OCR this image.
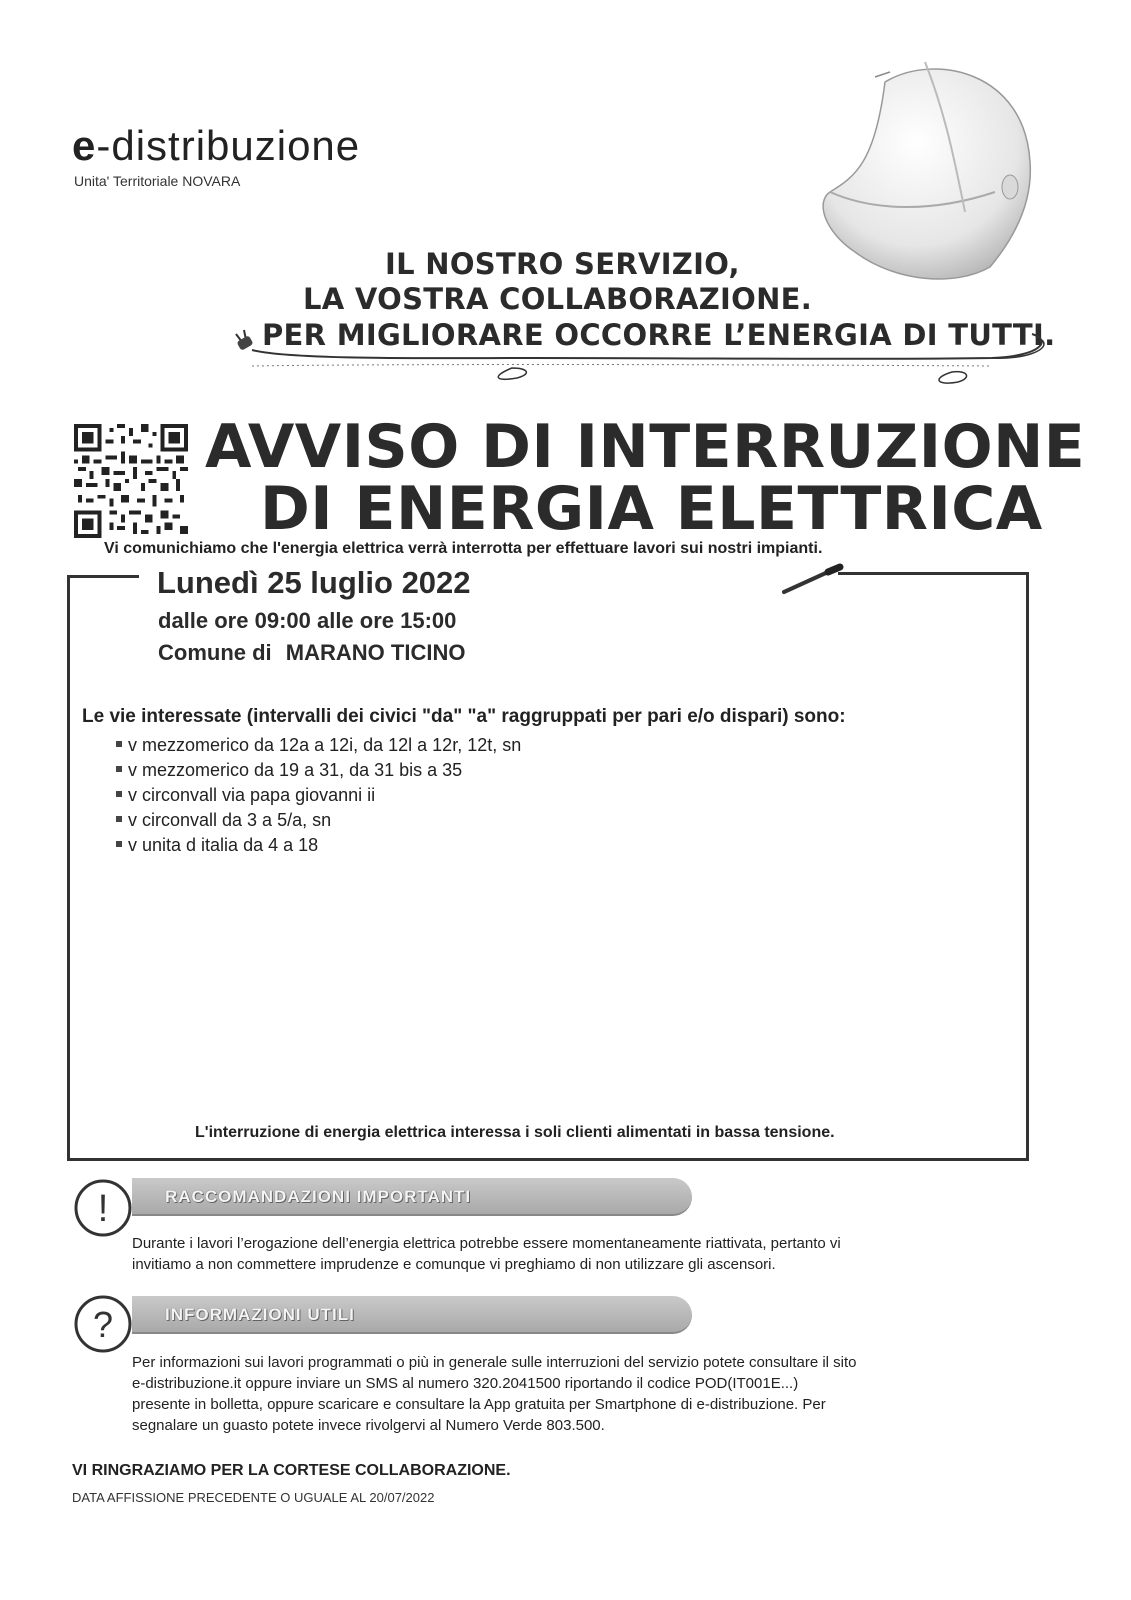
e-distribuzione
Unita' Territoriale NOVARA
IL NOSTRO SERVIZIO,
LA VOSTRA COLLABORAZIONE.
PER MIGLIORARE OCCORRE L’ENERGIA DI TUTTI.
AVVISO DI INTERRUZIONE
DI ENERGIA ELETTRICA
Vi comunichiamo che l'energia elettrica verrà interrotta per effettuare lavori sui nostri impianti.
Lunedì 25 luglio 2022
dalle ore 09:00 alle ore 15:00
Comune di MARANO TICINO
Le vie interessate (intervalli dei civici "da" "a" raggruppati per pari e/o dispari) sono:
v mezzomerico da 12a a 12i, da 12l a 12r, 12t, sn
v mezzomerico da 19 a 31, da 31 bis a 35
v circonvall via papa giovanni ii
v circonvall da 3 a 5/a, sn
v unita d italia da 4 a 18
L'interruzione di energia elettrica interessa i soli clienti alimentati in bassa tensione.
!	RACCOMANDAZIONI IMPORTANTI
Durante i lavori l’erogazione dell’energia elettrica potrebbe essere momentaneamente riattivata, pertanto vi
invitiamo a non commettere imprudenze e comunque vi preghiamo di non utilizzare gli ascensori.
?	INFORMAZIONI UTILI
Per informazioni sui lavori programmati o più in generale sulle interruzioni del servizio potete consultare il sito
e-distribuzione.it oppure inviare un SMS al numero 320.2041500 riportando il codice POD(IT001E...)
presente in bolletta, oppure scaricare e consultare la App gratuita per Smartphone di e-distribuzione. Per
segnalare un guasto potete invece rivolgervi al Numero Verde 803.500.
VI RINGRAZIAMO PER LA CORTESE COLLABORAZIONE.
DATA AFFISSIONE PRECEDENTE O UGUALE AL 20/07/2022
